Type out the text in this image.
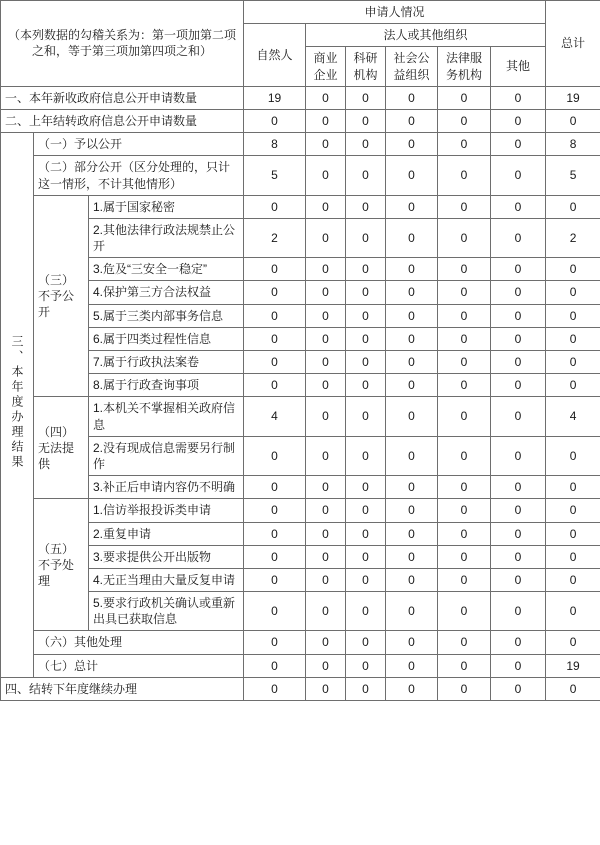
（本列数据的勾稽关系为：第一项加第二项之和，等于第三项加第四项之和）			申请人情况						总计
			自然人	法人或其他组织					
				商业企业	科研机构	社会公益组织	法律服务机构	其他	
一、本年新收政府信息公开申请数量			19	0	0	0	0	0	19
二、上年结转政府信息公开申请数量			0	0	0	0	0	0	0
三、本年度办理结果	（一）予以公开		8	0	0	0	0	0	8
	（二）部分公开（区分处理的，只计这一情形，不计其他情形）		5	0	0	0	0	0	5
	（三）不予公开	1.属于国家秘密	0	0	0	0	0	0	0
		2.其他法律行政法规禁止公开	2	0	0	0	0	0	2
		3.危及“三安全一稳定”	0	0	0	0	0	0	0
		4.保护第三方合法权益	0	0	0	0	0	0	0
		5.属于三类内部事务信息	0	0	0	0	0	0	0
		6.属于四类过程性信息	0	0	0	0	0	0	0
		7.属于行政执法案卷	0	0	0	0	0	0	0
		8.属于行政查询事项	0	0	0	0	0	0	0
	（四）无法提供	1.本机关不掌握相关政府信息	4	0	0	0	0	0	4
		2.没有现成信息需要另行制作	0	0	0	0	0	0	0
		3.补正后申请内容仍不明确	0	0	0	0	0	0	0
	（五）不予处理	1.信访举报投诉类申请	0	0	0	0	0	0	0
		2.重复申请	0	0	0	0	0	0	0
		3.要求提供公开出版物	0	0	0	0	0	0	0
		4.无正当理由大量反复申请	0	0	0	0	0	0	0
		5.要求行政机关确认或重新出具已获取信息	0	0	0	0	0	0	0
	（六）其他处理		0	0	0	0	0	0	0
	（七）总计		0	0	0	0	0	0	19
四、结转下年度继续办理			0	0	0	0	0	0	0
